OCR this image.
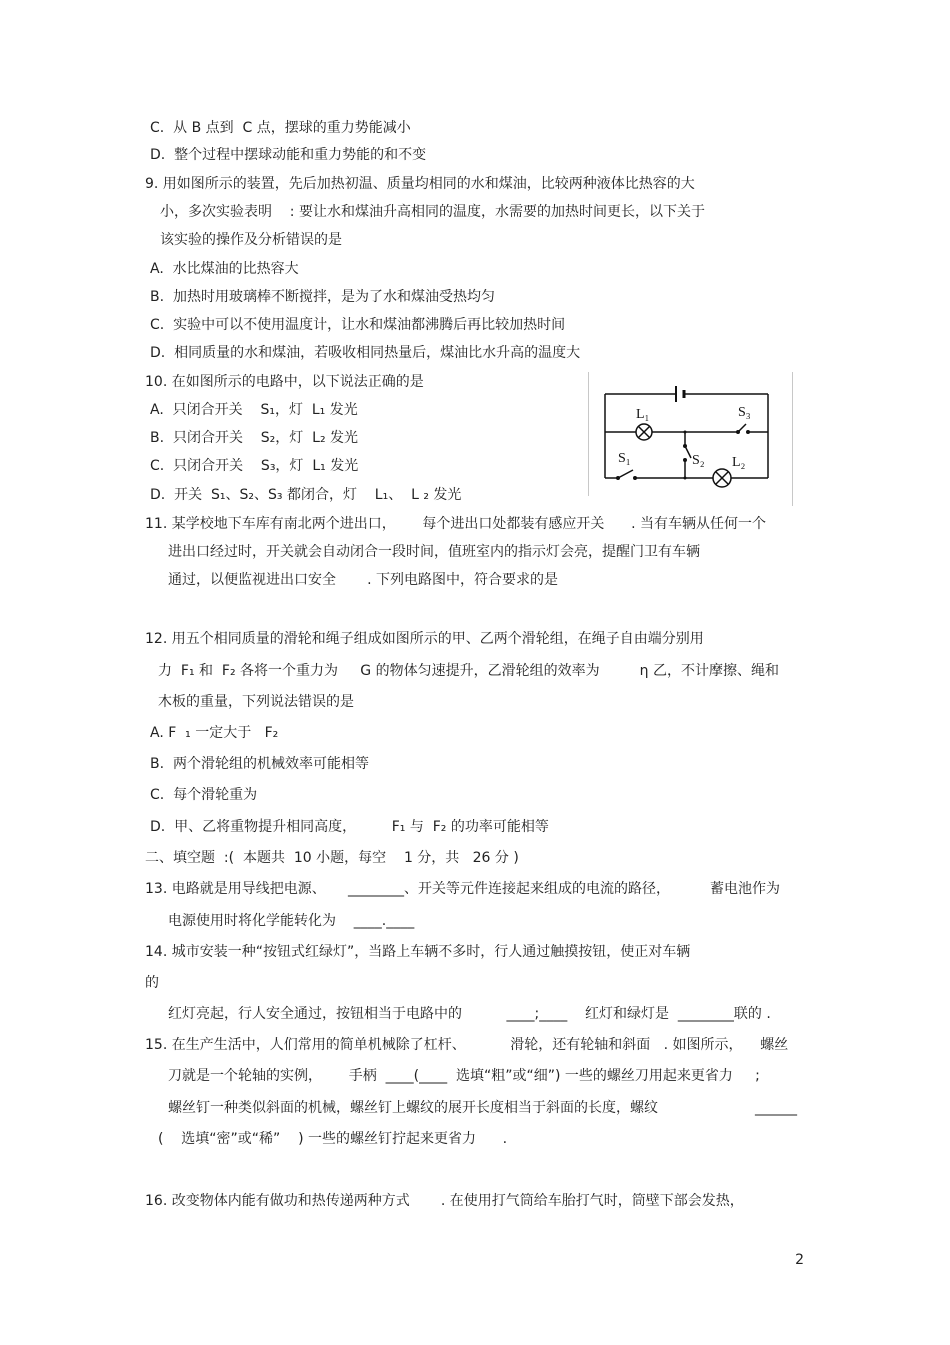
C.  从 B 点到  C 点，摆球的重力势能减小
D.  整个过程中摆球动能和重力势能的和不变
9. 用如图所示的装置，先后加热初温、质量均相同的水和煤油，比较两种液体比热容的大
小，多次实验表明    : 要让水和煤油升高相同的温度，水需要的加热时间更长，以下关于
该实验的操作及分析错误的是
A.  水比煤油的比热容大
B.  加热时用玻璃棒不断搅拌，是为了水和煤油受热均匀
C.  实验中可以不使用温度计，让水和煤油都沸腾后再比较加热时间
D.  相同质量的水和煤油，若吸收相同热量后，煤油比水升高的温度大
10. 在如图所示的电路中，以下说法正确的是
A.  只闭合开关    S₁，灯  L₁ 发光
B.  只闭合开关    S₂，灯  L₂ 发光
C.  只闭合开关    S₃，灯  L₁ 发光
D.  开关  S₁、S₂、S₃ 都闭合，灯    L₁、  L ₂ 发光
11. 某学校地下车库有南北两个进出口，      每个进出口处都装有感应开关      . 当有车辆从任何一个
进出口经过时，开关就会自动闭合一段时间，值班室内的指示灯会亮，提醒门卫有车辆
通过，以便监视进出口安全       . 下列电路图中，符合要求的是
12. 用五个相同质量的滑轮和绳子组成如图所示的甲、乙两个滑轮组，在绳子自由端分别用
力  F₁ 和  F₂ 各将一个重力为     G 的物体匀速提升，乙滑轮组的效率为         η 乙，不计摩擦、绳和
木板的重量，下列说法错误的是
A. F  ₁ 一定大于   F₂
B.  两个滑轮组的机械效率可能相等
C.  每个滑轮重为
D.  甲、乙将重物提升相同高度，        F₁ 与  F₂ 的功率可能相等
二、填空题  :(  本题共  10 小题，每空    1 分，共   26 分 )
13. 电路就是用导线把电源、     ________、开关等元件连接起来组成的电流的路径，         蓄电池作为
电源使用时将化学能转化为    ____.____
14. 城市安装一种“按钮式红绿灯”，当路上车辆不多时，行人通过触摸按钮，使正对车辆
的
红灯亮起，行人安全通过，按钮相当于电路中的          ____;____    红灯和绿灯是  ________联的 .
15. 在生产生活中，人们常用的简单机械除了杠杆、          滑轮，还有轮轴和斜面   . 如图所示，    螺丝
刀就是一个轮轴的实例，      手柄  ____(____  选填“粗”或“细”) 一些的螺丝刀用起来更省力     ;
螺丝钉一种类似斜面的机械，螺丝钉上螺纹的展开长度相当于斜面的长度，螺纹	______
(    选填“密”或“稀”    ) 一些的螺丝钉拧起来更省力      .
16. 改变物体内能有做功和热传递两种方式       . 在使用打气筒给车胎打气时，筒壁下部会发热，
L₁	S₃
S₁	S₂ L₂
2
